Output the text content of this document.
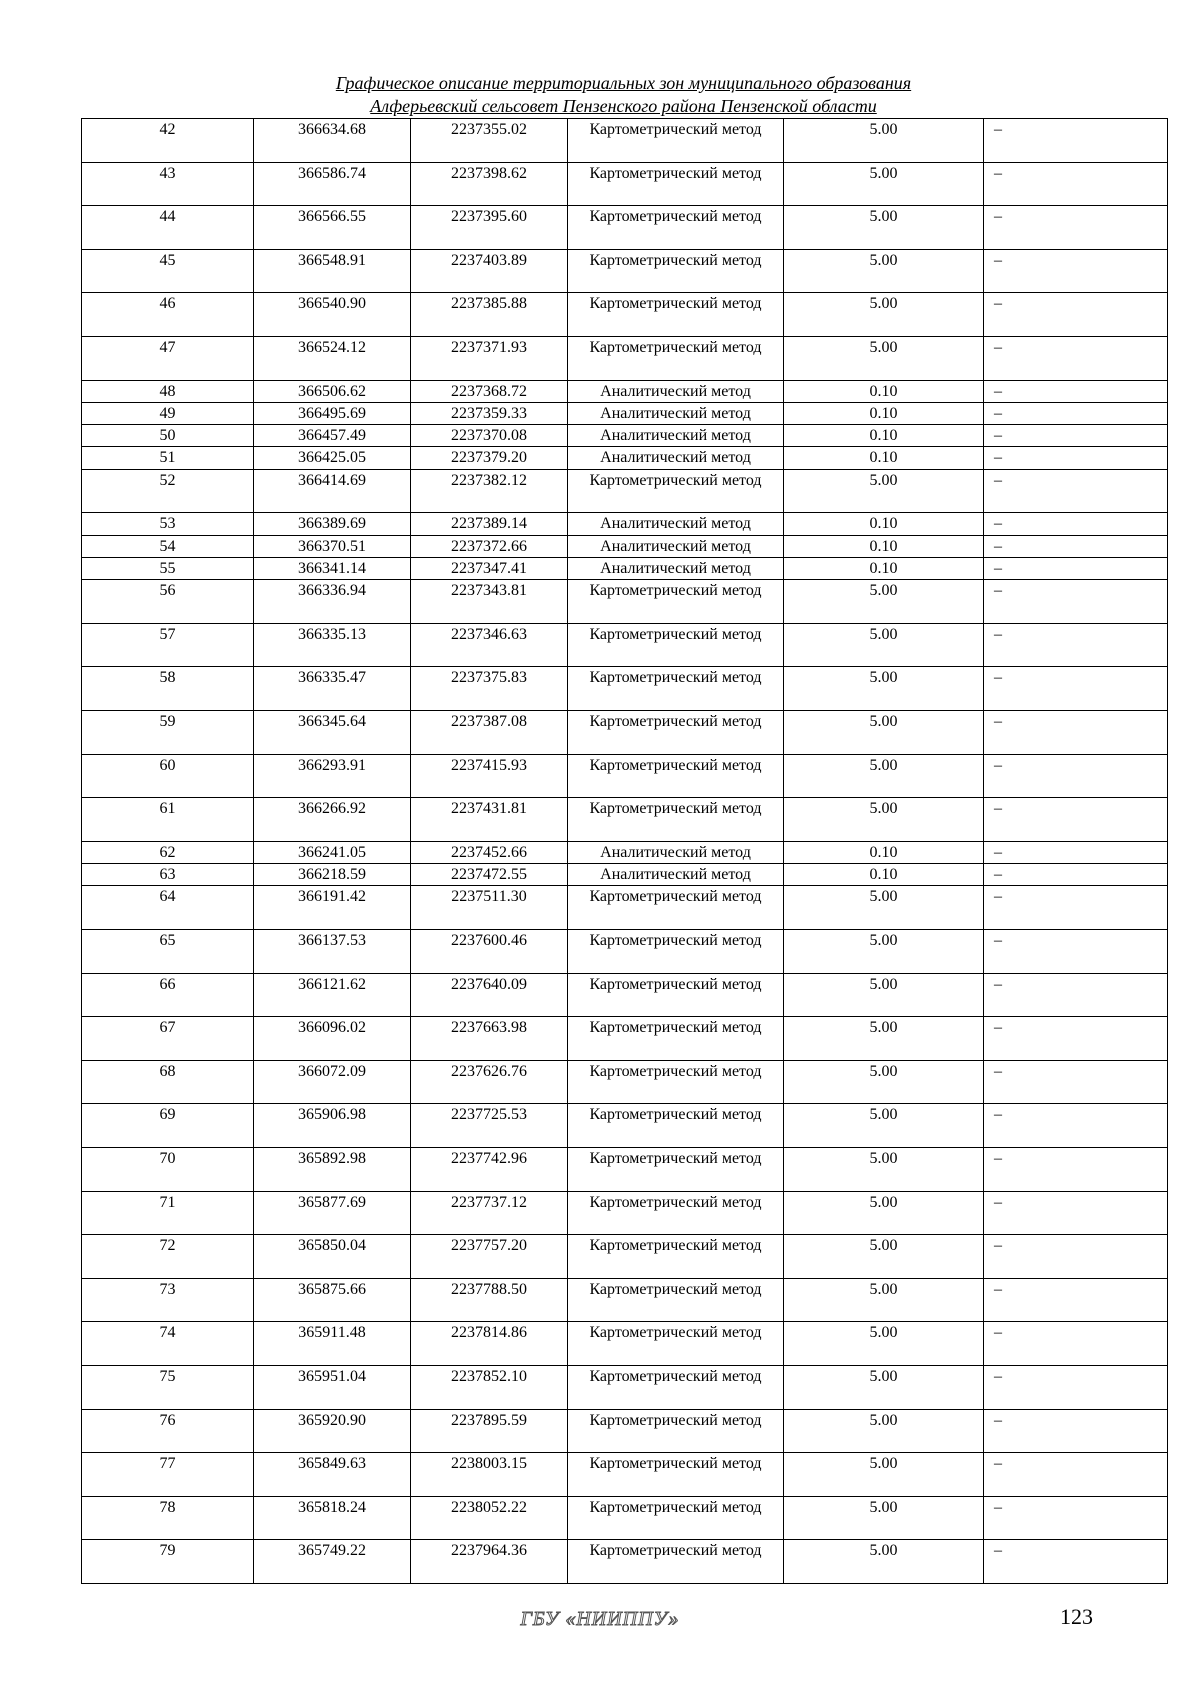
Графическое описание территориальных зон муниципального образования
Алферьевский сельсовет Пензенского района Пензенской области
42	366634.68	2237355.02	Картометрический метод	5.00	–
43	366586.74	2237398.62	Картометрический метод	5.00	–
44	366566.55	2237395.60	Картометрический метод	5.00	–
45	366548.91	2237403.89	Картометрический метод	5.00	–
46	366540.90	2237385.88	Картометрический метод	5.00	–
47	366524.12	2237371.93	Картометрический метод	5.00	–
48	366506.62	2237368.72	Аналитический метод	0.10	–
49	366495.69	2237359.33	Аналитический метод	0.10	–
50	366457.49	2237370.08	Аналитический метод	0.10	–
51	366425.05	2237379.20	Аналитический метод	0.10	–
52	366414.69	2237382.12	Картометрический метод	5.00	–
53	366389.69	2237389.14	Аналитический метод	0.10	–
54	366370.51	2237372.66	Аналитический метод	0.10	–
55	366341.14	2237347.41	Аналитический метод	0.10	–
56	366336.94	2237343.81	Картометрический метод	5.00	–
57	366335.13	2237346.63	Картометрический метод	5.00	–
58	366335.47	2237375.83	Картометрический метод	5.00	–
59	366345.64	2237387.08	Картометрический метод	5.00	–
60	366293.91	2237415.93	Картометрический метод	5.00	–
61	366266.92	2237431.81	Картометрический метод	5.00	–
62	366241.05	2237452.66	Аналитический метод	0.10	–
63	366218.59	2237472.55	Аналитический метод	0.10	–
64	366191.42	2237511.30	Картометрический метод	5.00	–
65	366137.53	2237600.46	Картометрический метод	5.00	–
66	366121.62	2237640.09	Картометрический метод	5.00	–
67	366096.02	2237663.98	Картометрический метод	5.00	–
68	366072.09	2237626.76	Картометрический метод	5.00	–
69	365906.98	2237725.53	Картометрический метод	5.00	–
70	365892.98	2237742.96	Картометрический метод	5.00	–
71	365877.69	2237737.12	Картометрический метод	5.00	–
72	365850.04	2237757.20	Картометрический метод	5.00	–
73	365875.66	2237788.50	Картометрический метод	5.00	–
74	365911.48	2237814.86	Картометрический метод	5.00	–
75	365951.04	2237852.10	Картометрический метод	5.00	–
76	365920.90	2237895.59	Картометрический метод	5.00	–
77	365849.63	2238003.15	Картометрический метод	5.00	–
78	365818.24	2238052.22	Картометрический метод	5.00	–
79	365749.22	2237964.36	Картометрический метод	5.00	–
ГБУ «НИИППУ»	123
